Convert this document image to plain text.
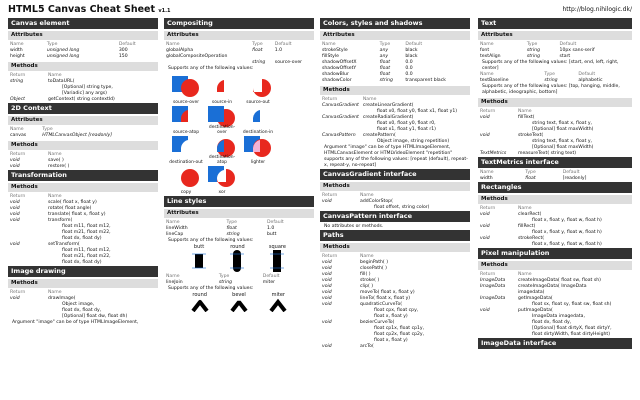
HTML5 Canvas Cheat Sheet v1.1	http://blog.nihilogic.dk/
Canvas element
Attributes
Name	Type	Default
width	unsigned long	300
height	unsigned long	150
Methods
Return	Name
string	toDataURL(
	[Optional] string type,
	[Variadic] any args)
Object	getContext( string contextId)
2D Context
Attributes
Name	Type
canvas	HTMLCanvasObject [readonly]
Methods
Return	Name
void	save( )
void	restore( )
Transformation
Methods
Return	Name
void	scale( float x, float y)
void	rotate( float angle)
void	translate( float x, float y)
void	transform(
	float m11, float m12,
	float m21, float m22,
	float dx, float dy)
void	setTransform(
	float m11, float m12,
	float m21, float m22,
	float dx, float dy)
Image drawing
Methods
Return	Name
void	drawImage(
	Object image,
	float dx, float dy,
	[Optional] float dw, float dh)
Argument "image" can be of type HTMLImageElement,
Compositing
Attributes
Name	Type	Default
globalAlpha	float	1.0
globalCompositeOperation		
	string	source-over
Supports any of the following values:
source-over	source-in	source-out
source-atop
destination-over	destination-in
destination-out
destination-atop	lighter
copy	xor
Line styles
Attributes
Name	Type	Default
lineWidth	float	1.0
lineCap	string	butt
Supports any of the following values:
butt	round	square
Name	Type	Default
lineJoin	string	miter
Supports any of the following values:
round	bevel	miter
Colors, styles and shadows
Attributes
Name	Type	Default
strokeStyle	any	black
fillStyle	any	black
shadowOffsetX	float	0.0
shadowOffsetY	float	0.0
shadowBlur	float	0.0
shadowColor	string	transparent black
Methods
Return	Name
CanvasGradient	createLinearGradient(
	float x0, float y0, float x1, float y1)
CanvasGradient	createRadialGradient(
	float x0, float y0, float r0,
	float x1, float y1, float r1)
CanvasPattern	createPattern(
	Object image, string repetition)
Argument "image" can be of type HTMLImageElement, HTMLCanvasElement or HTMLVideoElement "repetition" supports any of the following values: [repeat (default), repeat-x, repeat-y, no-repeat]
CanvasGradient interface
Methods
Return	Name
void	addColorStop(
	float offset, string color)
CanvasPattern interface
No attributes or methods.
Paths
Methods
Return	Name
void	beginPath( )
void	closePath( )
void	fill( )
void	stroke( )
void	clip( )
void	moveTo( float x, float y)
void	lineTo( float x, float y)
void	quadraticCurveTo(
	float cpx, float cpy,
	float x, float y)
void	bezierCurveTo(
	float cp1x, float cp1y,
	float cp2x, float cp2y,
	float x, float y)
void	arcTo(
Text
Attributes
Name	Type	Default
font	string	10px sans-serif
textAlign	string	start
Supports any of the following values: [start, end, left, right, center]
Name	Type	Default
textBaseline	string	alphabetic
Supports any of the following values: [top, hanging, middle, alphabetic, ideographic, bottom]
Methods
Return	Name
void	fillText(
	string text, float x, float y,
	[Optional] float maxWidth)
void	strokeText(
	string text, float x, float y,
	[Optional] float maxWidth)
TextMetrics	measureText( string text)
TextMetrics interface
Name	Type	Default
width	float	[readonly]
Rectangles
Methods
Return	Name
void	clearRect(
	float x, float y, float w, float h)
void	fillRect(
	float x, float y, float w, float h)
void	strokeRect(
	float x, float y, float w, float h)
Pixel manipulation
Methods
Return	Name
ImageData	createImageData( float sw, float sh)
ImageData	createImageData( ImageData
	imagedata)
ImageData	getImageData(
	float sx, float sy, float sw, float sh)
void	putImageData(
	ImageData imagedata,
	float dx, float dy,
	[Optional] float dirtyX, float dirtyY,
	float dirtyWidth, float dirtyHeight)
ImageData interface
